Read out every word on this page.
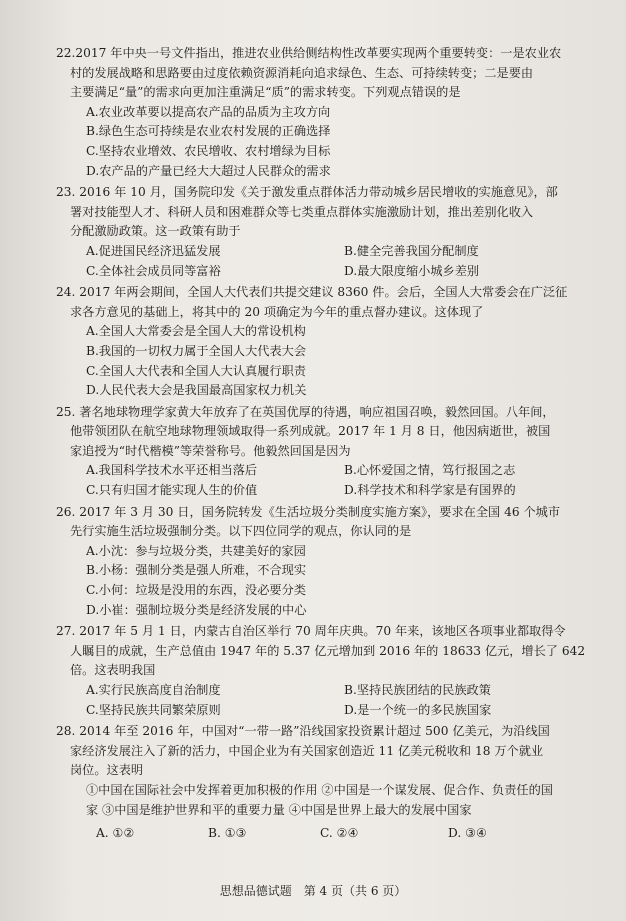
22.2017 年中央一号文件指出，推进农业供给侧结构性改革要实现两个重要转变：一是农业农
村的发展战略和思路要由过度依赖资源消耗向追求绿色、生态、可持续转变；二是要由
主要满足“量”的需求向更加注重满足“质”的需求转变。下列观点错误的是
A.农业改革要以提高农产品的品质为主攻方向
B.绿色生态可持续是农业农村发展的正确选择
C.坚持农业增效、农民增收、农村增绿为目标
D.农产品的产量已经大大超过人民群众的需求
23. 2016 年 10 月，国务院印发《关于激发重点群体活力带动城乡居民增收的实施意见》，部
署对技能型人才、科研人员和困难群众等七类重点群体实施激励计划，推出差别化收入
分配激励政策。这一政策有助于
A.促进国民经济迅猛发展	B.健全完善我国分配制度
C.全体社会成员同等富裕	D.最大限度缩小城乡差别
24. 2017 年两会期间，全国人大代表们共提交建议 8360 件。会后，全国人大常委会在广泛征
求各方意见的基础上，将其中的 20 项确定为今年的重点督办建议。这体现了
A.全国人大常委会是全国人大的常设机构
B.我国的一切权力属于全国人大代表大会
C.全国人大代表和全国人大认真履行职责
D.人民代表大会是我国最高国家权力机关
25. 著名地球物理学家黄大年放弃了在英国优厚的待遇，响应祖国召唤，毅然回国。八年间，
他带领团队在航空地球物理领域取得一系列成就。2017 年 1 月 8 日，他因病逝世，被国
家追授为“时代楷模”等荣誉称号。他毅然回国是因为
A.我国科学技术水平还相当落后	B.心怀爱国之情，笃行报国之志
C.只有归国才能实现人生的价值	D.科学技术和科学家是有国界的
26. 2017 年 3 月 30 日，国务院转发《生活垃圾分类制度实施方案》，要求在全国 46 个城市
先行实施生活垃圾强制分类。以下四位同学的观点，你认同的是
A.小沈：参与垃圾分类，共建美好的家园
B.小杨：强制分类是强人所难，不合现实
C.小何：垃圾是没用的东西，没必要分类
D.小崔：强制垃圾分类是经济发展的中心
27. 2017 年 5 月 1 日，内蒙古自治区举行 70 周年庆典。70 年来，该地区各项事业都取得令
人瞩目的成就，生产总值由 1947 年的 5.37 亿元增加到 2016 年的 18633 亿元，增长了 642
倍。这表明我国
A.实行民族高度自治制度	B.坚持民族团结的民族政策
C.坚持民族共同繁荣原则	D.是一个统一的多民族国家
28. 2014 年至 2016 年，中国对“一带一路”沿线国家投资累计超过 500 亿美元，为沿线国
家经济发展注入了新的活力，中国企业为有关国家创造近 11 亿美元税收和 18 万个就业
岗位。这表明
①中国在国际社会中发挥着更加积极的作用 ②中国是一个谋发展、促合作、负责任的国
家 ③中国是维护世界和平的重要力量 ④中国是世界上最大的发展中国家
A. ①②	B. ①③	C. ②④	D. ③④
思想品德试题　第 4 页（共 6 页）
